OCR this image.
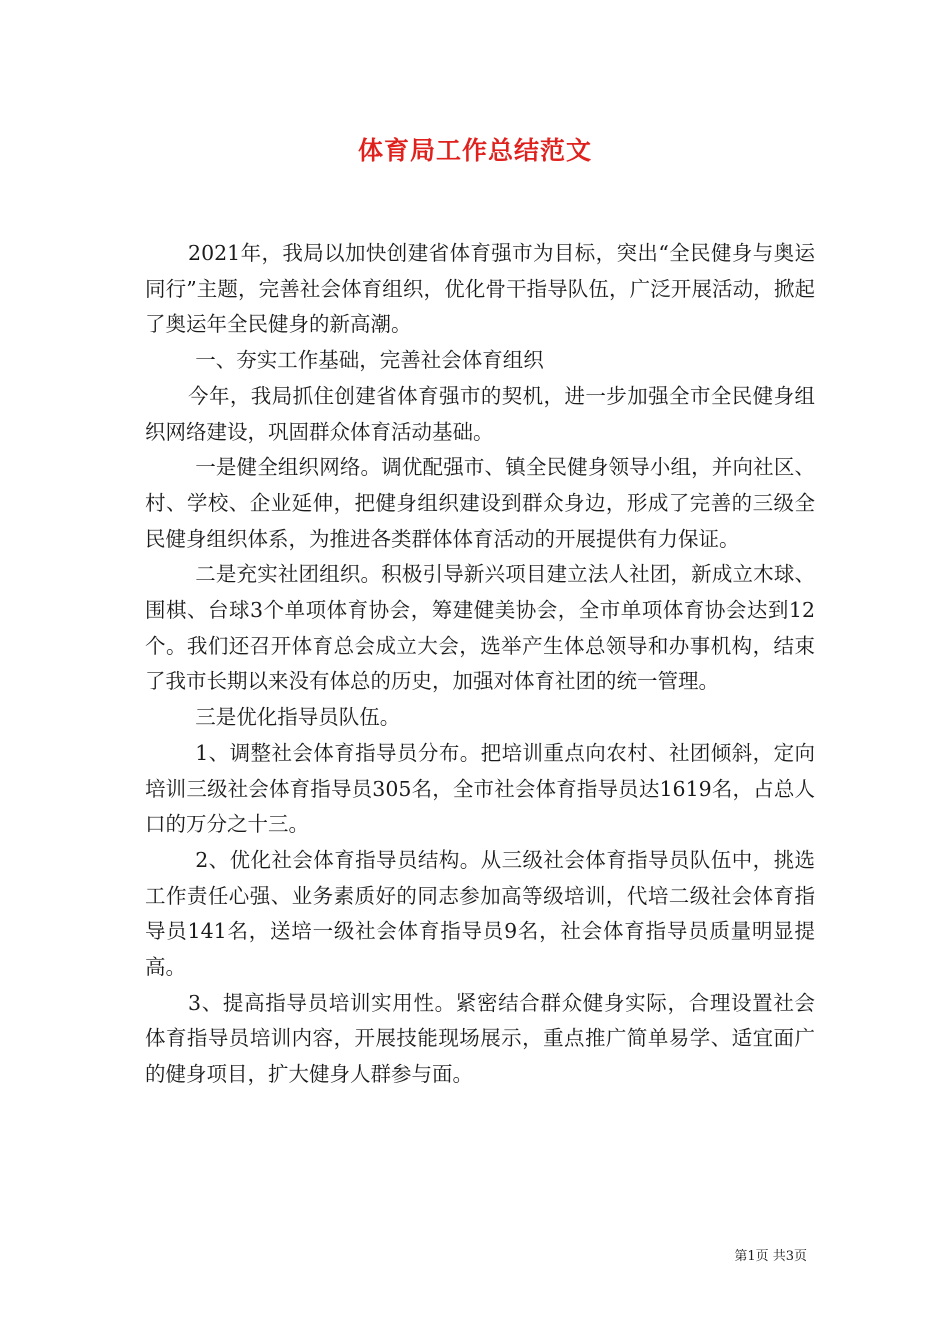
体育局工作总结范文

2021年，我局以加快创建省体育强市为目标，突出“全民健身与奥运同行”主题，完善社会体育组织，优化骨干指导队伍，广泛开展活动，掀起了奥运年全民健身的新高潮。

一、夯实工作基础，完善社会体育组织

今年，我局抓住创建省体育强市的契机，进一步加强全市全民健身组织网络建设，巩固群众体育活动基础。

一是健全组织网络。调优配强市、镇全民健身领导小组，并向社区、村、学校、企业延伸，把健身组织建设到群众身边，形成了完善的三级全民健身组织体系，为推进各类群体体育活动的开展提供有力保证。

二是充实社团组织。积极引导新兴项目建立法人社团，新成立木球、围棋、台球3个单项体育协会，筹建健美协会，全市单项体育协会达到12个。我们还召开体育总会成立大会，选举产生体总领导和办事机构，结束了我市长期以来没有体总的历史，加强对体育社团的统一管理。

三是优化指导员队伍。

1、调整社会体育指导员分布。把培训重点向农村、社团倾斜，定向培训三级社会体育指导员305名，全市社会体育指导员达1619名，占总人口的万分之十三。

2、优化社会体育指导员结构。从三级社会体育指导员队伍中，挑选工作责任心强、业务素质好的同志参加高等级培训，代培二级社会体育指导员141名，送培一级社会体育指导员9名，社会体育指导员质量明显提高。

3、提高指导员培训实用性。紧密结合群众健身实际，合理设置社会体育指导员培训内容，开展技能现场展示，重点推广简单易学、适宜面广的健身项目，扩大健身人群参与面。

第1页 共3页
